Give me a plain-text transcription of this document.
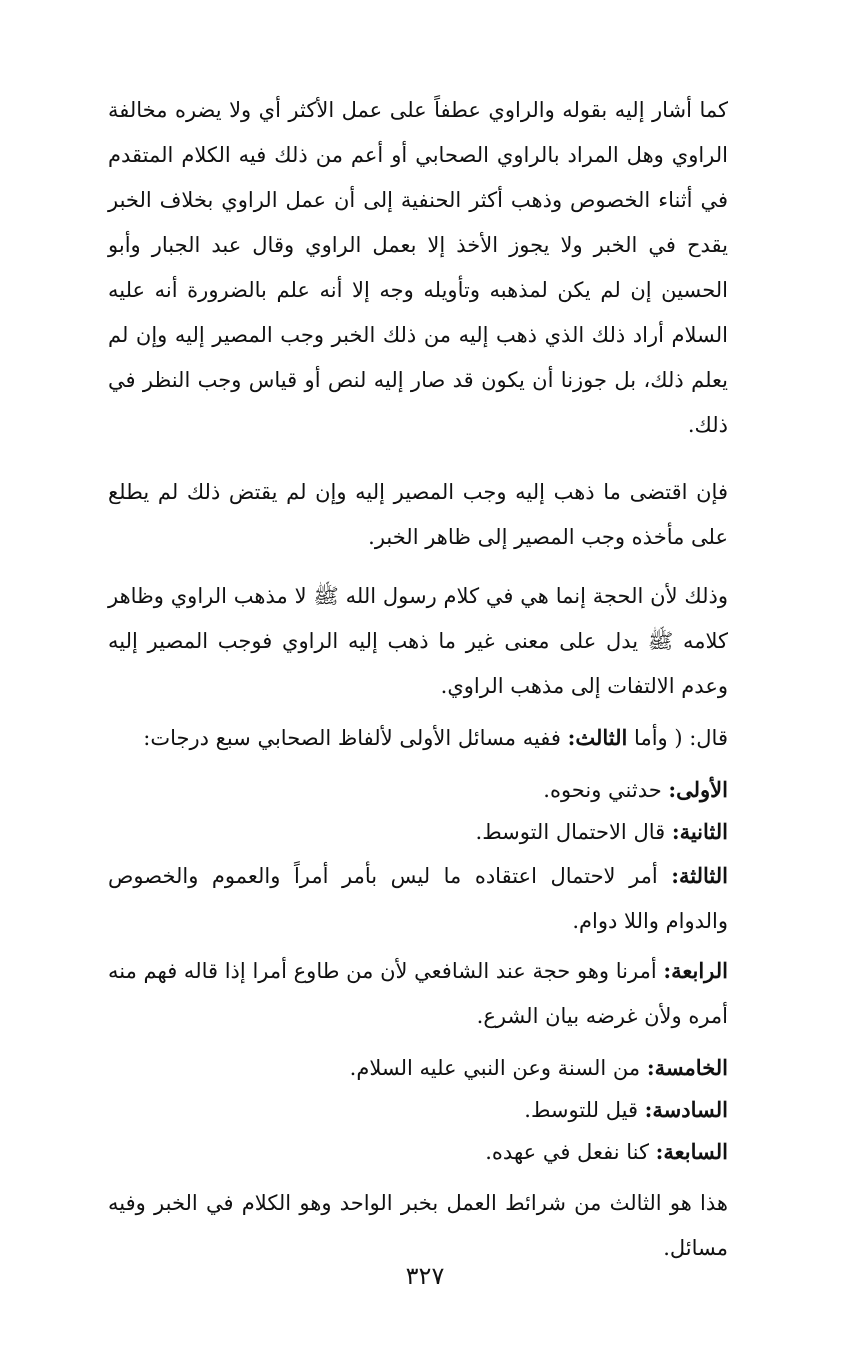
كما أشار إليه بقوله والراوي عطفاً على عمل الأكثر أي ولا يضره مخالفة الراوي وهل المراد بالراوي الصحابي أو أعم من ذلك فيه الكلام المتقدم في أثناء الخصوص وذهب أكثر الحنفية إلى أن عمل الراوي بخلاف الخبر يقدح في الخبر ولا يجوز الأخذ إلا بعمل الراوي وقال عبد الجبار وأبو الحسين إن لم يكن لمذهبه وتأويله وجه إلا أنه علم بالضرورة أنه عليه السلام أراد ذلك الذي ذهب إليه من ذلك الخبر وجب المصير إليه وإن لم يعلم ذلك، بل جوزنا أن يكون قد صار إليه لنص أو قياس وجب النظر في ذلك.

فإن اقتضى ما ذهب إليه وجب المصير إليه وإن لم يقتض ذلك لم يطلع على مأخذه وجب المصير إلى ظاهر الخبر.

وذلك لأن الحجة إنما هي في كلام رسول الله ﷺ لا مذهب الراوي وظاهر كلامه ﷺ يدل على معنى غير ما ذهب إليه الراوي فوجب المصير إليه وعدم الالتفات إلى مذهب الراوي.

قال: ( وأما الثالث: ففيه مسائل الأولى لألفاظ الصحابي سبع درجات:

الأولى: حدثني ونحوه.

الثانية: قال الاحتمال التوسط.

الثالثة: أمر لاحتمال اعتقاده ما ليس بأمر أمراً والعموم والخصوص والدوام واللا دوام.

الرابعة: أمرنا وهو حجة عند الشافعي لأن من طاوع أمرا إذا قاله فهم منه أمره ولأن غرضه بيان الشرع.

الخامسة: من السنة وعن النبي عليه السلام.

السادسة: قيل للتوسط.

السابعة: كنا نفعل في عهده.

هذا هو الثالث من شرائط العمل بخبر الواحد وهو الكلام في الخبر وفيه مسائل.

٣٢٧
